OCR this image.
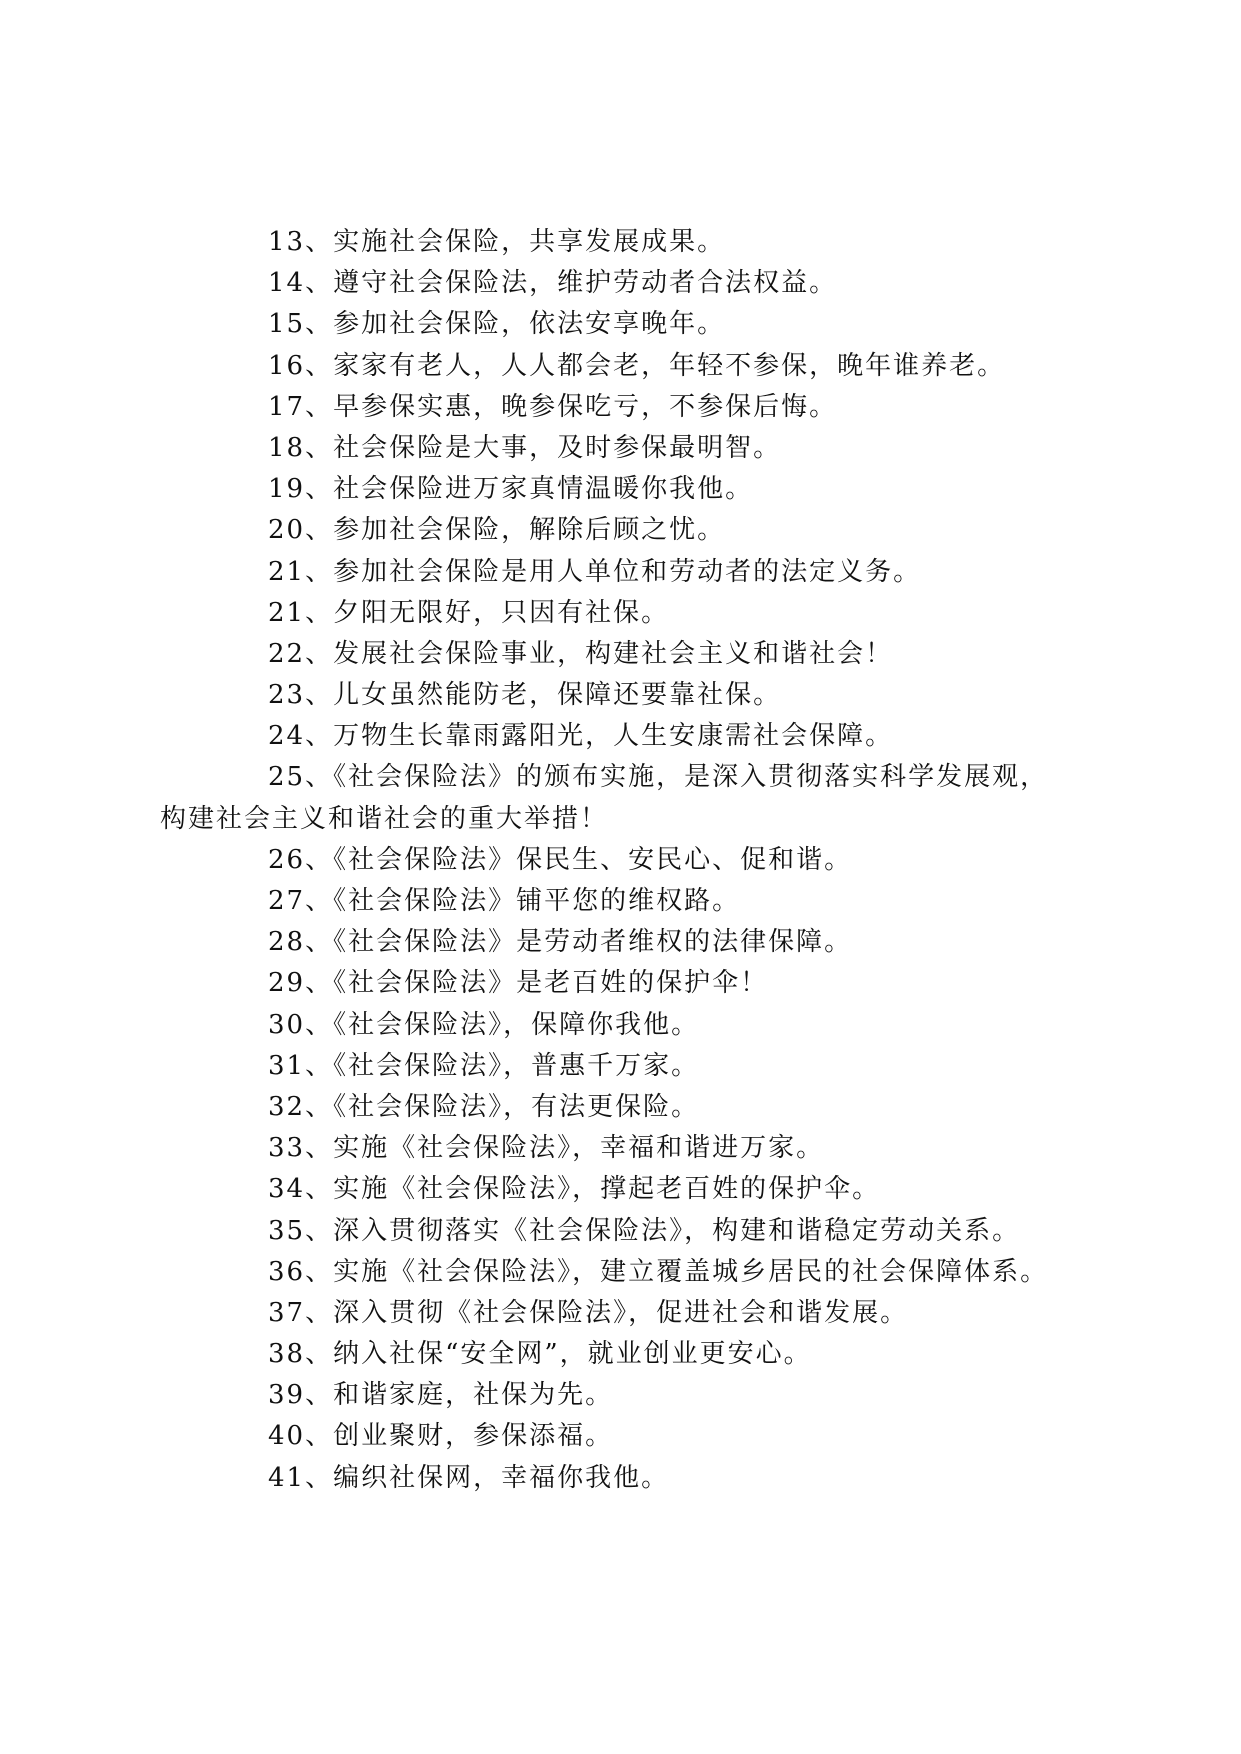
13、实施社会保险，共享发展成果。
14、遵守社会保险法，维护劳动者合法权益。
15、参加社会保险，依法安享晚年。
16、家家有老人，人人都会老，年轻不参保，晚年谁养老。
17、早参保实惠，晚参保吃亏，不参保后悔。
18、社会保险是大事，及时参保最明智。
19、社会保险进万家真情温暖你我他。
20、参加社会保险，解除后顾之忧。
21、参加社会保险是用人单位和劳动者的法定义务。
21、夕阳无限好，只因有社保。
22、发展社会保险事业，构建社会主义和谐社会！
23、儿女虽然能防老，保障还要靠社保。
24、万物生长靠雨露阳光，人生安康需社会保障。
25、《社会保险法》的颁布实施，是深入贯彻落实科学发展观，
构建社会主义和谐社会的重大举措！
26、《社会保险法》保民生、安民心、促和谐。
27、《社会保险法》铺平您的维权路。
28、《社会保险法》是劳动者维权的法律保障。
29、《社会保险法》是老百姓的保护伞！
30、《社会保险法》，保障你我他。
31、《社会保险法》，普惠千万家。
32、《社会保险法》，有法更保险。
33、实施《社会保险法》，幸福和谐进万家。
34、实施《社会保险法》，撑起老百姓的保护伞。
35、深入贯彻落实《社会保险法》，构建和谐稳定劳动关系。
36、实施《社会保险法》，建立覆盖城乡居民的社会保障体系。
37、深入贯彻《社会保险法》，促进社会和谐发展。
38、纳入社保“安全网”，就业创业更安心。
39、和谐家庭，社保为先。
40、创业聚财，参保添福。
41、编织社保网，幸福你我他。
